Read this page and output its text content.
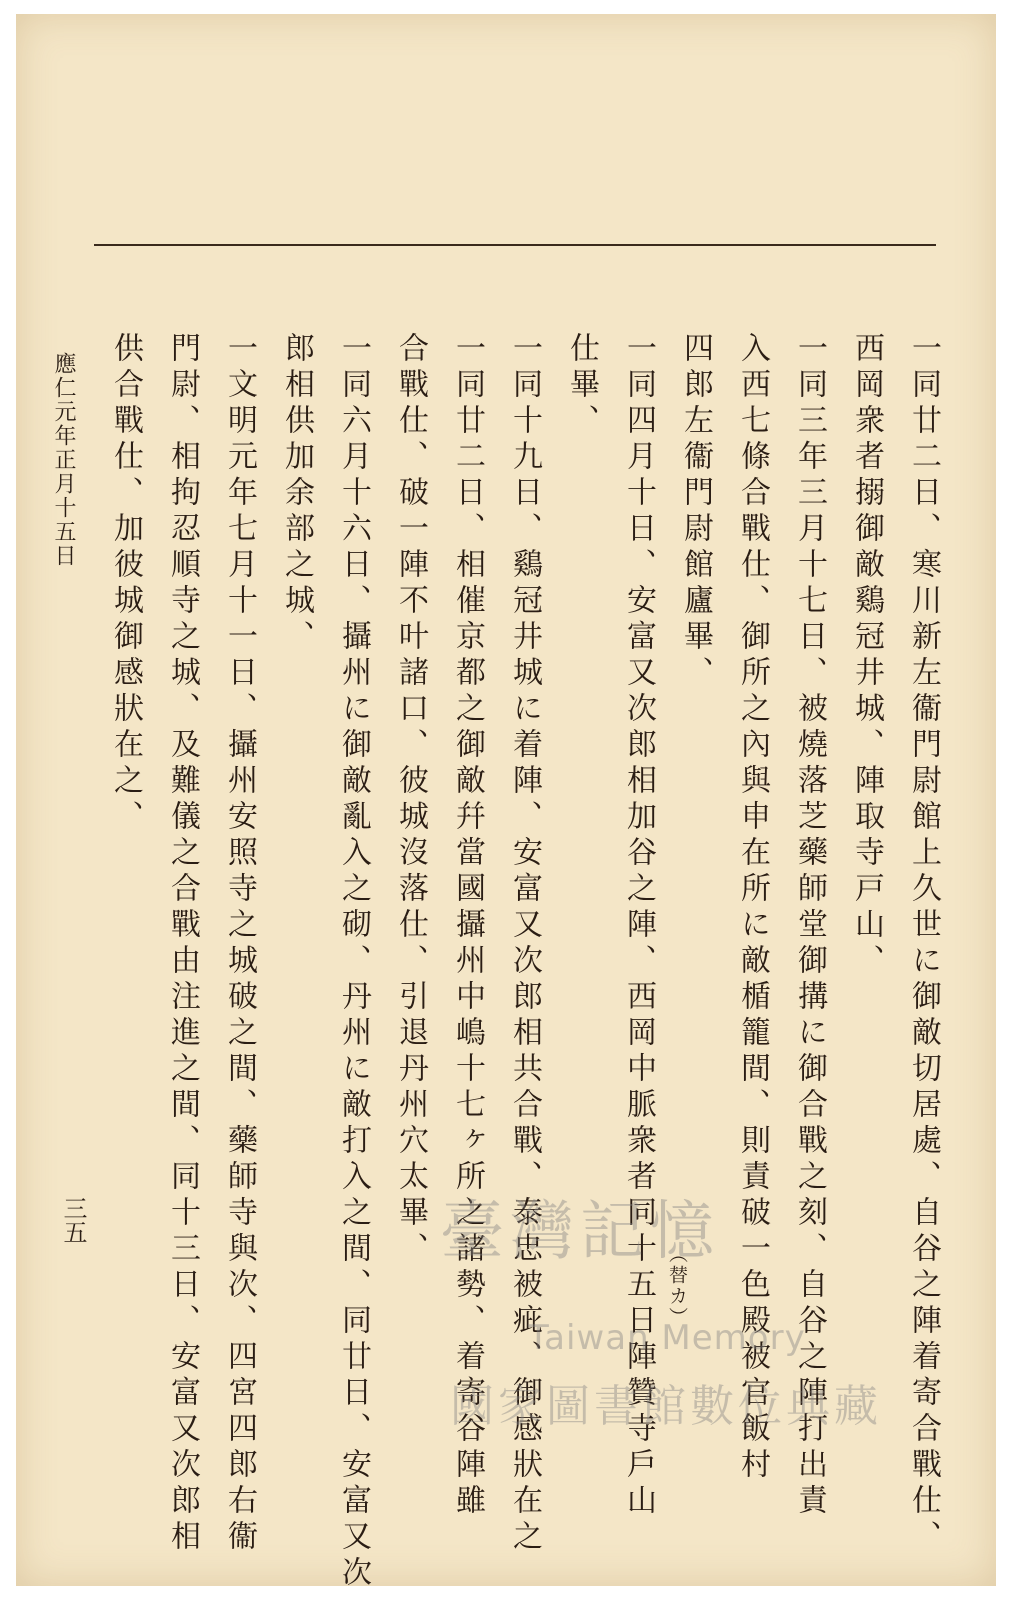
一同廿二日、寒川新左衞門尉館上久世に御敵切居處、自谷之陣着寄合戰仕、
西岡衆者搦御敵鷄冠井城、陣取寺戸山、
一同三年三月十七日、被燒落芝藥師堂御搆に御合戰之刻、自谷之陣打出責
入西七條合戰仕、御所之內與申在所に敵楯籠間、則責破一色殿被官飯村
四郎左衞門尉館廬畢、
一同四月十日、安富又次郎相加谷之陣、西岡中脈衆者同十五日陣贊寺戶山
仕畢、
一同十九日、鷄冠井城に着陣、安富又次郎相共合戰、泰忠被疵、御感狀在之
一同廿二日、相催京都之御敵幷當國攝州中嶋十七ヶ所之諸勢、着寄谷陣雖
合戰仕、破一陣不叶諸口、彼城沒落仕、引退丹州穴太畢、
一同六月十六日、攝州に御敵亂入之砌、丹州に敵打入之間、同廿日、安富又次
郎相供加余部之城、
一文明元年七月十一日、攝州安照寺之城破之間、藥師寺與次、四宮四郎右衞
門尉、相拘忍順寺之城、及難儀之合戰由注進之間、同十三日、安富又次郎相
供合戰仕、加彼城御感狀在之、
（替カ）
應仁元年正月十五日
三五	臺灣記憶
Taiwan Memory
國家圖書館數位典藏
